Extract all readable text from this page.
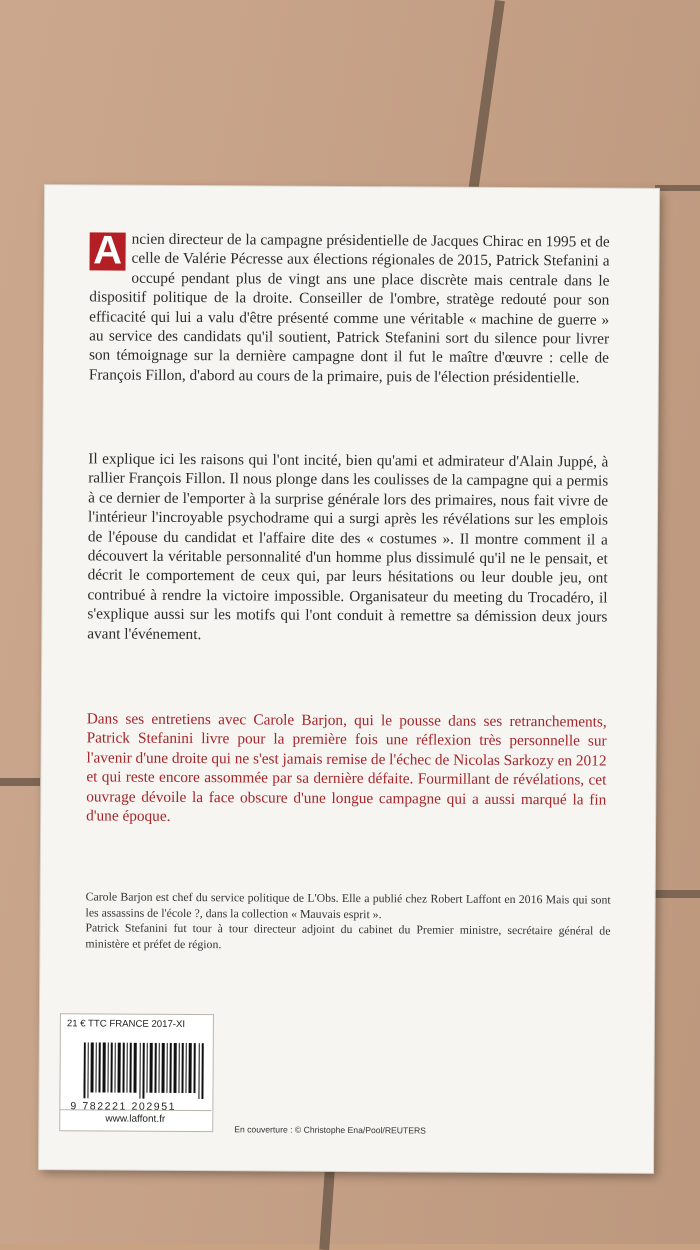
A ncien directeur de la campagne présidentielle de Jacques Chirac en 1995 et de celle de Valérie Pécresse aux élections régionales de 2015, Patrick Stefanini a occupé pendant plus de vingt ans une place discrète mais centrale dans le dispositif politique de la droite. Conseiller de l'ombre, stratège redouté pour son efficacité qui lui a valu d'être présenté comme une véritable « machine de guerre » au service des candidats qu'il soutient, Patrick Stefanini sort du silence pour livrer son témoignage sur la dernière campagne dont il fut le maître d'œuvre : celle de François Fillon, d'abord au cours de la primaire, puis de l'élection présidentielle.

Il explique ici les raisons qui l'ont incité, bien qu'ami et admirateur d'Alain Juppé, à rallier François Fillon. Il nous plonge dans les coulisses de la campagne qui a permis à ce dernier de l'emporter à la surprise générale lors des primaires, nous fait vivre de l'intérieur l'incroyable psychodrame qui a surgi après les révélations sur les emplois de l'épouse du candidat et l'affaire dite des « costumes ». Il montre comment il a découvert la véritable personnalité d'un homme plus dissimulé qu'il ne le pensait, et décrit le comportement de ceux qui, par leurs hésitations ou leur double jeu, ont contribué à rendre la victoire impossible. Organisateur du meeting du Trocadéro, il s'explique aussi sur les motifs qui l'ont conduit à remettre sa démission deux jours avant l'événement.

Dans ses entretiens avec Carole Barjon, qui le pousse dans ses retranchements, Patrick Stefanini livre pour la première fois une réflexion très personnelle sur l'avenir d'une droite qui ne s'est jamais remise de l'échec de Nicolas Sarkozy en 2012 et qui reste encore assommée par sa dernière défaite. Fourmillant de révélations, cet ouvrage dévoile la face obscure d'une longue campagne qui a aussi marqué la fin d'une époque.

Carole Barjon est chef du service politique de L'Obs. Elle a publié chez Robert Laffont en 2016 Mais qui sont les assassins de l'école ?, dans la collection « Mauvais esprit ».
Patrick Stefanini fut tour à tour directeur adjoint du cabinet du Premier ministre, secrétaire général de ministère et préfet de région.
21 € TTC FRANCE 2017-XI
9 782221 202951
www.laffont.fr
En couverture : © Christophe Ena/Pool/REUTERS
